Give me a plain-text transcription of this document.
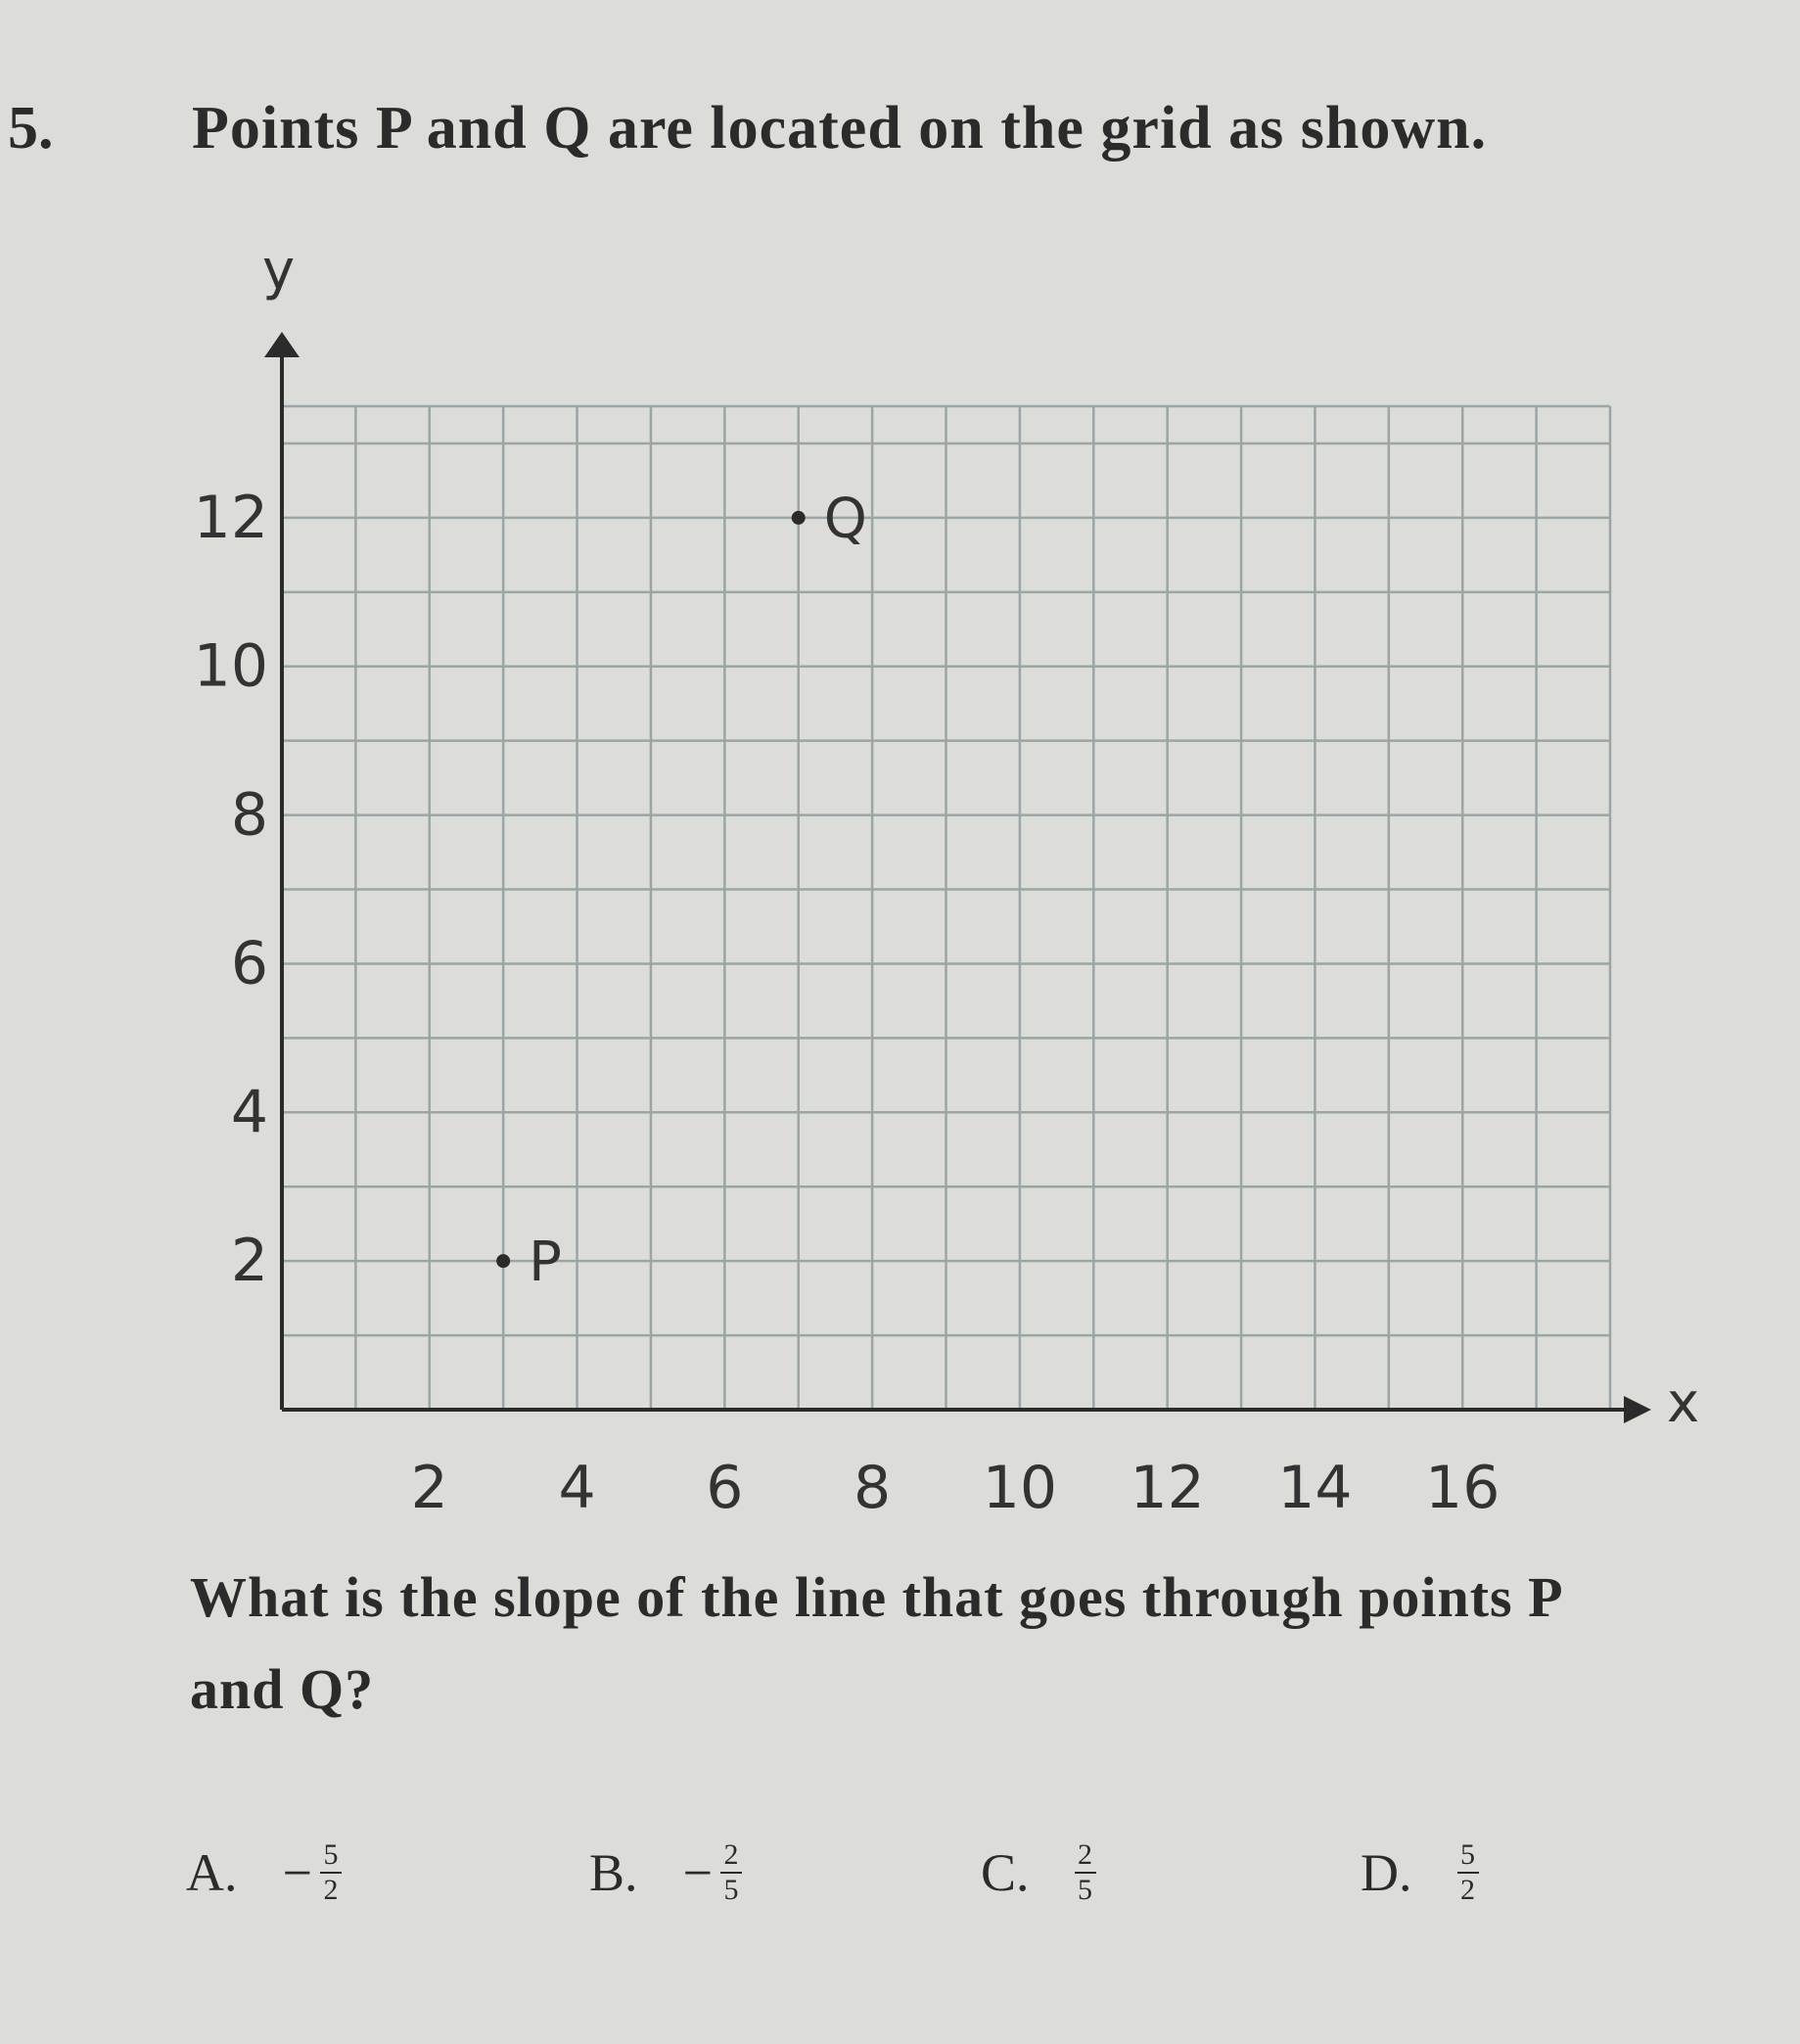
5. Points P and Q are located on the grid as shown.
2 4 6 8 10 12 14 16
2
4
6
8
10
12
P
Q
x
y
What is the slope of the line that goes through points P and Q?
A. − $\frac{5}{2}$	B. − $\frac{2}{5}$	C. $\frac{2}{5}$	D. $\frac{5}{2}$
